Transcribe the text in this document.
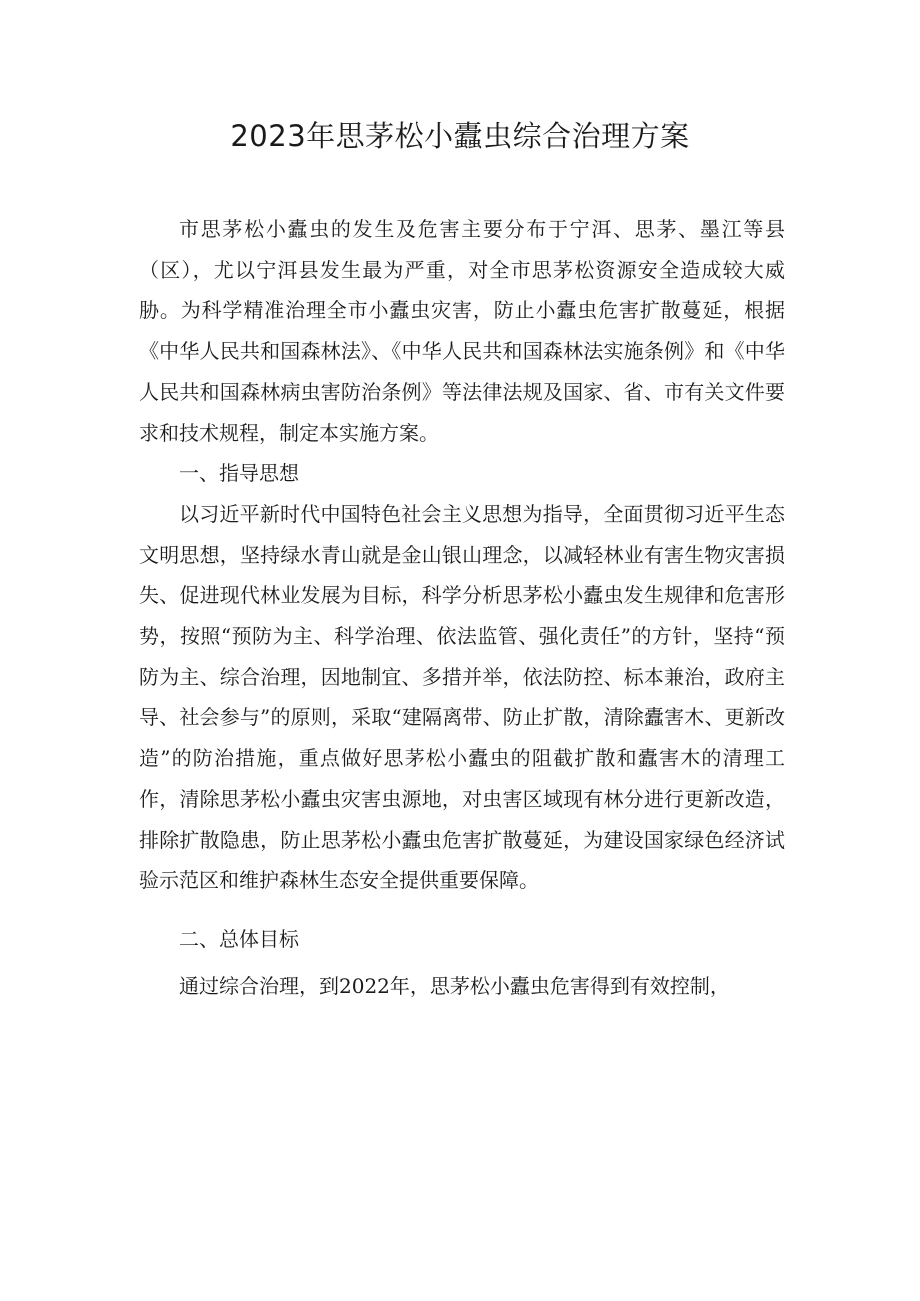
2023年思茅松小蠹虫综合治理方案

市思茅松小蠹虫的发生及危害主要分布于宁洱、思茅、墨江等县（区），尤以宁洱县发生最为严重，对全市思茅松资源安全造成较大威胁。为科学精准治理全市小蠹虫灾害，防止小蠹虫危害扩散蔓延，根据《中华人民共和国森林法》、《中华人民共和国森林法实施条例》和《中华人民共和国森林病虫害防治条例》等法律法规及国家、省、市有关文件要求和技术规程，制定本实施方案。

一、指导思想

以习近平新时代中国特色社会主义思想为指导，全面贯彻习近平生态文明思想，坚持绿水青山就是金山银山理念，以减轻林业有害生物灾害损失、促进现代林业发展为目标，科学分析思茅松小蠹虫发生规律和危害形势，按照“预防为主、科学治理、依法监管、强化责任”的方针，坚持“预防为主、综合治理，因地制宜、多措并举，依法防控、标本兼治，政府主导、社会参与”的原则，采取“建隔离带、防止扩散，清除蠹害木、更新改造”的防治措施，重点做好思茅松小蠹虫的阻截扩散和蠹害木的清理工作，清除思茅松小蠹虫灾害虫源地，对虫害区域现有林分进行更新改造，排除扩散隐患，防止思茅松小蠹虫危害扩散蔓延，为建设国家绿色经济试验示范区和维护森林生态安全提供重要保障。

二、总体目标

通过综合治理，到2022年，思茅松小蠹虫危害得到有效控制，
